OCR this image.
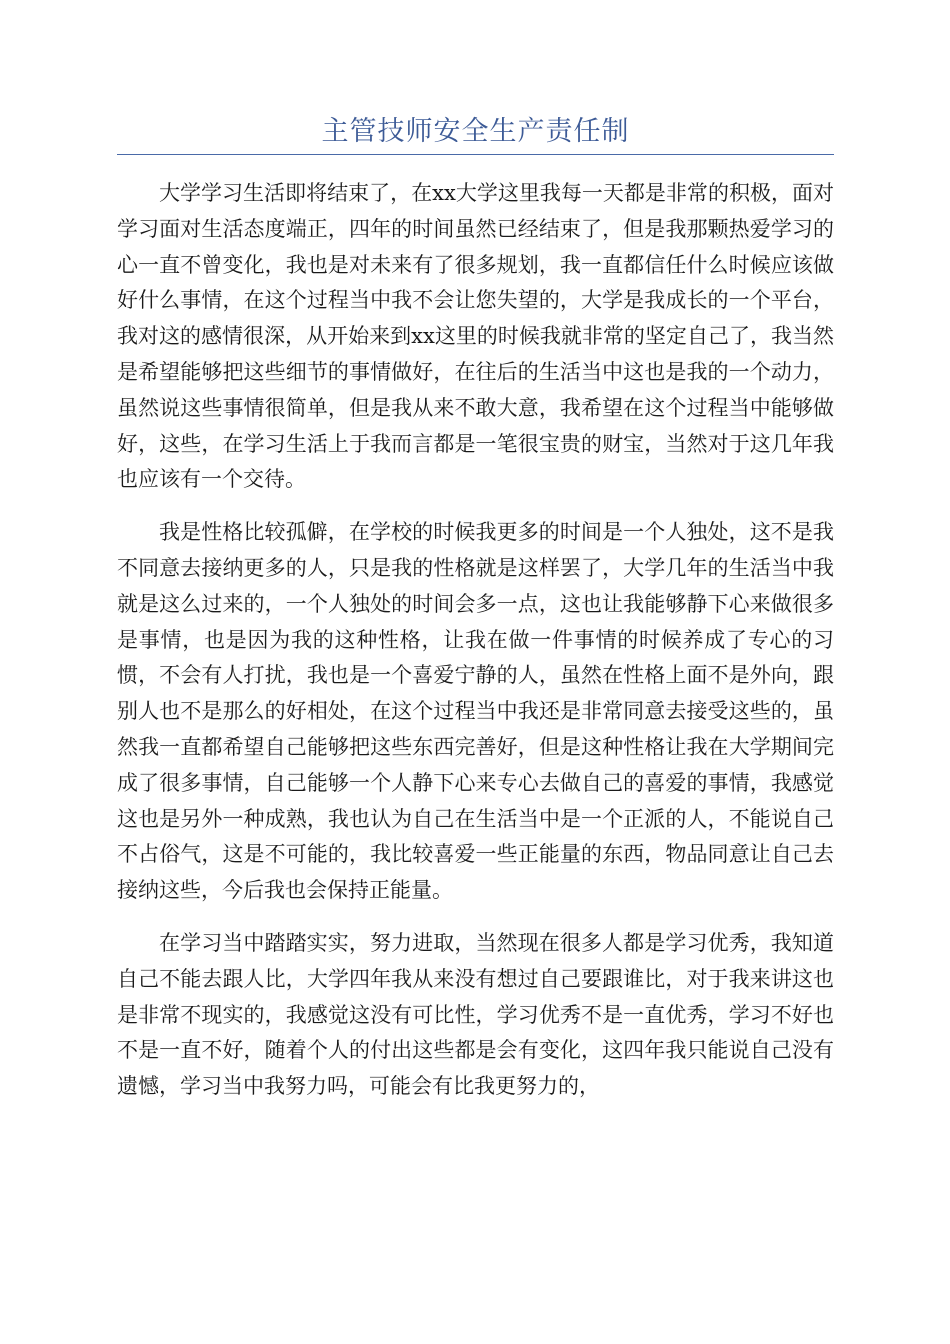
主管技师安全生产责任制

大学学习生活即将结束了，在xx大学这里我每一天都是非常的积极，面对学习面对生活态度端正，四年的时间虽然已经结束了，但是我那颗热爱学习的心一直不曾变化，我也是对未来有了很多规划，我一直都信任什么时候应该做好什么事情，在这个过程当中我不会让您失望的，大学是我成长的一个平台，我对这的感情很深，从开始来到xx这里的时候我就非常的坚定自己了，我当然是希望能够把这些细节的事情做好，在往后的生活当中这也是我的一个动力，虽然说这些事情很简单，但是我从来不敢大意，我希望在这个过程当中能够做好，这些，在学习生活上于我而言都是一笔很宝贵的财宝，当然对于这几年我也应该有一个交待。

我是性格比较孤僻，在学校的时候我更多的时间是一个人独处，这不是我不同意去接纳更多的人，只是我的性格就是这样罢了，大学几年的生活当中我就是这么过来的，一个人独处的时间会多一点，这也让我能够静下心来做很多是事情，也是因为我的这种性格，让我在做一件事情的时候养成了专心的习惯，不会有人打扰，我也是一个喜爱宁静的人，虽然在性格上面不是外向，跟别人也不是那么的好相处，在这个过程当中我还是非常同意去接受这些的，虽然我一直都希望自己能够把这些东西完善好，但是这种性格让我在大学期间完成了很多事情，自己能够一个人静下心来专心去做自己的喜爱的事情，我感觉这也是另外一种成熟，我也认为自己在生活当中是一个正派的人，不能说自己不占俗气，这是不可能的，我比较喜爱一些正能量的东西，物品同意让自己去接纳这些，今后我也会保持正能量。

在学习当中踏踏实实，努力进取，当然现在很多人都是学习优秀，我知道自己不能去跟人比，大学四年我从来没有想过自己要跟谁比，对于我来讲这也是非常不现实的，我感觉这没有可比性，学习优秀不是一直优秀，学习不好也不是一直不好，随着个人的付出这些都是会有变化，这四年我只能说自己没有遗憾，学习当中我努力吗，可能会有比我更努力的，
